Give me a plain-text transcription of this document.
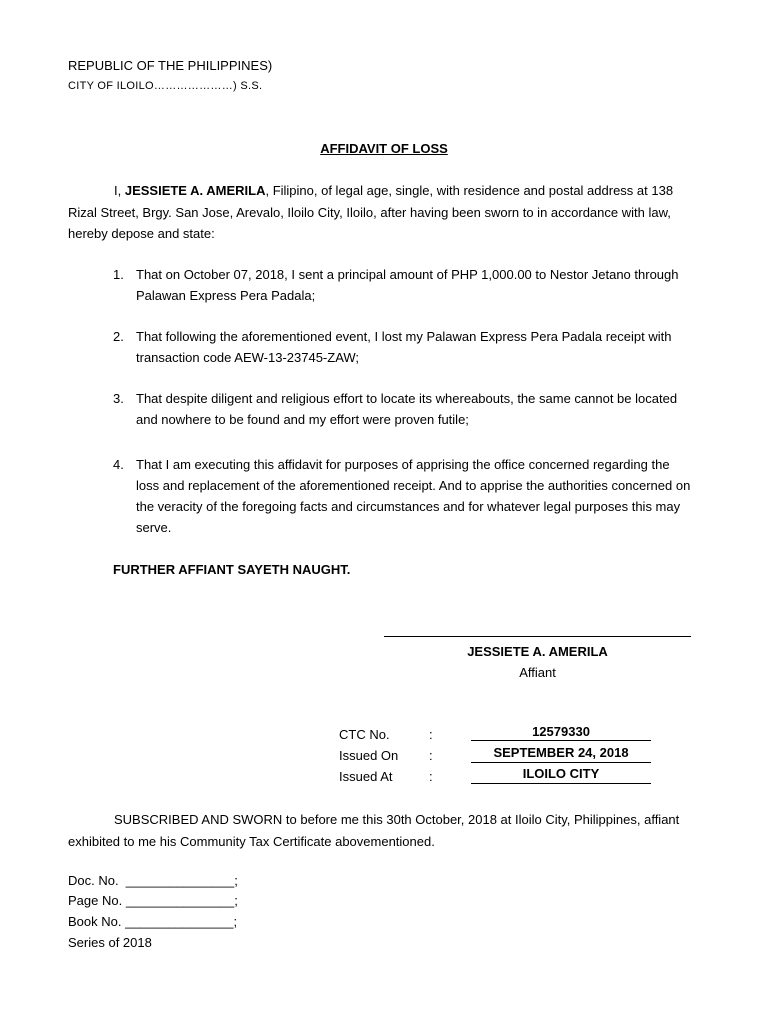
REPUBLIC OF THE PHILIPPINES)
CITY OF ILOILO…………………) S.S.
AFFIDAVIT OF LOSS
I, JESSIETE A. AMERILA, Filipino, of legal age, single, with residence and postal address at 138 Rizal Street, Brgy. San Jose, Arevalo, Iloilo City, Iloilo, after having been sworn to in accordance with law, hereby depose and state:
1. That on October 07, 2018, I sent a principal amount of PHP 1,000.00 to Nestor Jetano through Palawan Express Pera Padala;
2. That following the aforementioned event, I lost my Palawan Express Pera Padala receipt with transaction code AEW-13-23745-ZAW;
3. That despite diligent and religious effort to locate its whereabouts, the same cannot be located and nowhere to be found and my effort were proven futile;
4. That I am executing this affidavit for purposes of apprising the office concerned regarding the loss and replacement of the aforementioned receipt. And to apprise the authorities concerned on the veracity of the foregoing facts and circumstances and for whatever legal purposes this may serve.
FURTHER AFFIANT SAYETH NAUGHT.
JESSIETE A. AMERILA
Affiant
CTC No.	:	12579330
Issued On :	SEPTEMBER 24, 2018
Issued At	:	ILOILO CITY
SUBSCRIBED AND SWORN to before me this 30th October, 2018 at Iloilo City, Philippines, affiant exhibited to me his Community Tax Certificate abovementioned.
Doc. No.  _______________;
Page No. _______________;
Book No. _______________;
Series of 2018
